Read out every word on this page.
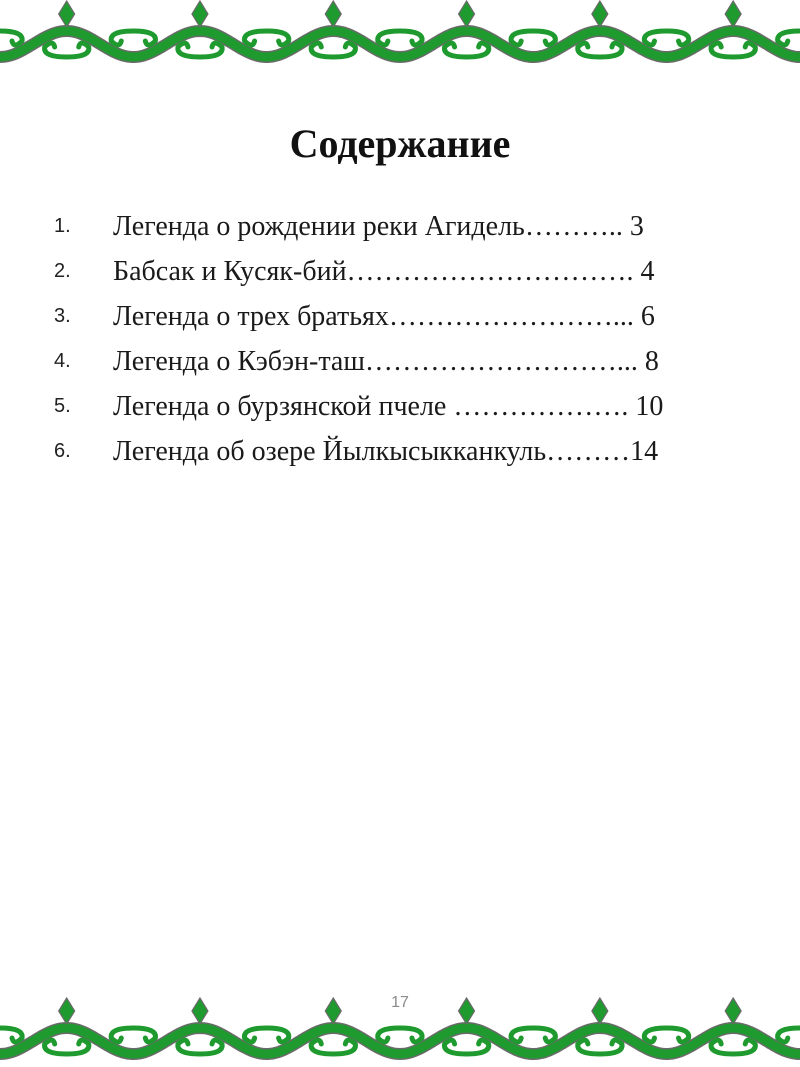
Содержание
1. Легенда о рождении реки Агидель……….. 3
2. Бабсак и Кусяк-бий…………………………. 4
3. Легенда о трех братьях……………………... 6
4. Легенда о Кэбэн-таш………………………... 8
5. Легенда о бурзянской пчеле ………………. 10
6. Легенда об озере Йылкысыкканкуль………14
17
